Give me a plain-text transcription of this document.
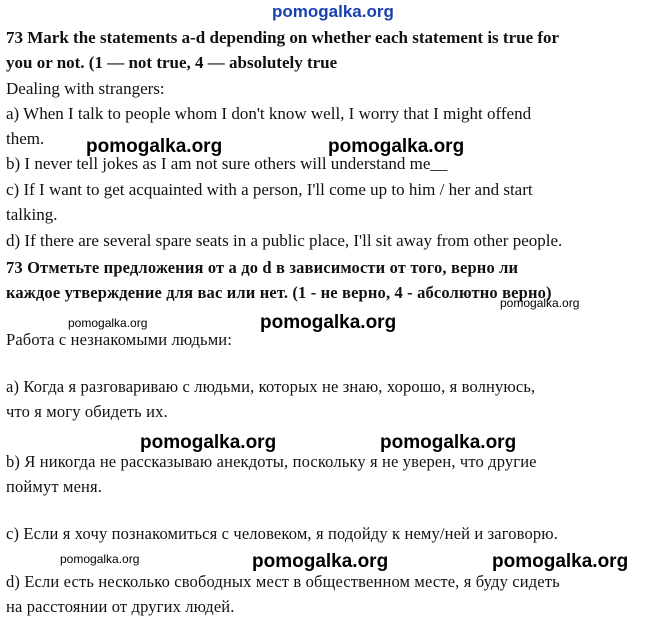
pomogalka.org
73 Mark the statements a-d depending on whether each statement is true for
you or not. (1 — not true, 4 — absolutely true
Dealing with strangers:
a) When I talk to people whom I don't know well, I worry that I might offend
them.
b) I never tell jokes as I am not sure others will understand me__
c) If I want to get acquainted with a person, I'll come up to him / her and start
talking.
d) If there are several spare seats in a public place, I'll sit away from other people.
pomogalka.org	pomogalka.org
73 Отметьте предложения от а до d в зависимости от того, верно ли
каждое утверждение для вас или нет. (1 - не верно, 4 - абсолютно верно)
Работа с незнакомыми людьми:
а) Когда я разговариваю с людьми, которых не знаю, хорошо, я волнуюсь,
что я могу обидеть их.
b) Я никогда не рассказываю анекдоты, поскольку я не уверен, что другие
поймут меня.
с) Если я хочу познакомиться с человеком, я подойду к нему/ней и заговорю.
d) Если есть несколько свободных мест в общественном месте, я буду сидеть
на расстоянии от других людей.
pomogalka.org
pomogalka.org	pomogalka.org
pomogalka.org	pomogalka.org
pomogalka.org	pomogalka.org	pomogalka.org
